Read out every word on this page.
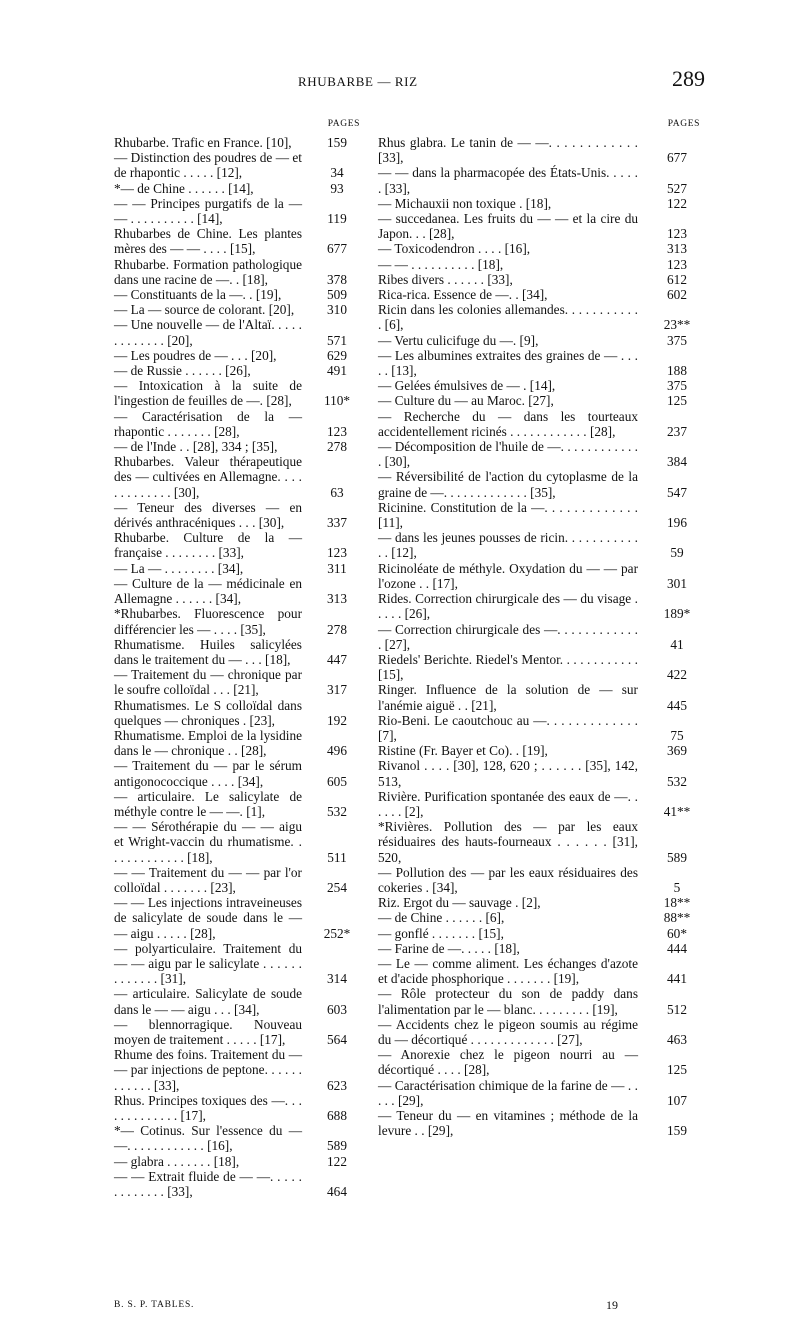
RHUBARBE — RIZ	289
PAGES
Rhubarbe. Trafic en France. [10],	159
— Distinction des poudres de — et de rhapontic . . . . . [12],	34
*— de Chine . . . . . . [14],	93
— — Principes purgatifs de la — — . . . . . . . . . . [14],	119
Rhubarbes de Chine. Les plantes mères des — — . . . . [15],	677
Rhubarbe. Formation pathologique dans une racine de —. . [18],	378
— Constituants de la —. . [19],	509
— La — source de colorant. [20],	310
— Une nouvelle — de l'Altaï. . . . . . . . . . . . . [20],	571
— Les poudres de — . . . [20],	629
— de Russie . . . . . . [26],	491
— Intoxication à la suite de l'ingestion de feuilles de —. [28],	110*
— Caractérisation de la — rhapontic . . . . . . . [28],	123
— de l'Inde . . [28], 334 ; [35],	278
Rhubarbes. Valeur thérapeutique des — cultivées en Allemagne. . . . . . . . . . . . . [30],	63
— Teneur des diverses — en dérivés anthracéniques . . . [30],	337
Rhubarbe. Culture de la — française . . . . . . . . [33],	123
— La — . . . . . . . . [34],	311
— Culture de la — médicinale en Allemagne . . . . . . [34],	313
*Rhubarbes. Fluorescence pour différencier les — . . . . [35],	278
Rhumatisme. Huiles salicylées dans le traitement du — . . . [18],	447
— Traitement du — chronique par le soufre colloïdal . . . [21],	317
Rhumatismes. Le S colloïdal dans quelques — chroniques . [23],	192
Rhumatisme. Emploi de la lysidine dans le — chronique . . [28],	496
— Traitement du — par le sérum antigonococcique . . . . [34],	605
— articulaire. Le salicylate de méthyle contre le — —. [1],	532
— — Sérothérapie du — — aigu et Wright-vaccin du rhumatisme. . . . . . . . . . . . . [18],	511
— — Traitement du — — par l'or colloïdal . . . . . . . [23],	254
— — Les injections intraveineuses de salicylate de soude dans le — — aigu . . . . . [28],	252*
— polyarticulaire. Traitement du — — aigu par le salicylate . . . . . . . . . . . . . [31],	314
— articulaire. Salicylate de soude dans le — — aigu . . . [34],	603
— blennorragique. Nouveau moyen de traitement . . . . . [17],	564
Rhume des foins. Traitement du — — par injections de peptone. . . . . . . . . . . . [33],	623
Rhus. Principes toxiques des —. . . . . . . . . . . . . [17],	688
*— Cotinus. Sur l'essence du — —. . . . . . . . . . . . [16],	589
— glabra . . . . . . . [18],	122
— — Extrait fluide de — —. . . . . . . . . . . . . [33],	464
PAGES
Rhus glabra. Le tanin de — —. . . . . . . . . . . . [33],	677
— — dans la pharmacopée des États-Unis. . . . . . [33],	527
— Michauxii non toxique . [18],	122
— succedanea. Les fruits du — — et la cire du Japon. . . [28],	123
— Toxicodendron . . . . [16],	313
— — . . . . . . . . . . [18],	123
Ribes divers . . . . . . [33],	612
Rica-rica. Essence de —. . [34],	602
Ricin dans les colonies allemandes. . . . . . . . . . . . [6],	23**
— Vertu culicifuge du —. [9],	375
— Les albumines extraites des graines de — . . . . . [13],	188
— Gelées émulsives de — . [14],	375
— Culture du — au Maroc. [27],	125
— Recherche du — dans les tourteaux accidentellement ricinés . . . . . . . . . . . . [28],	237
— Décomposition de l'huile de —. . . . . . . . . . . . . [30],	384
— Réversibilité de l'action du cytoplasme de la graine de —. . . . . . . . . . . . . [35],	547
Ricinine. Constitution de la —. . . . . . . . . . . . . [11],	196
— dans les jeunes pousses de ricin. . . . . . . . . . . . . [12],	59
Ricinoléate de méthyle. Oxydation du — — par l'ozone . . [17],	301
Rides. Correction chirurgicale des — du visage . . . . . [26],	189*
— Correction chirurgicale des —. . . . . . . . . . . . . [27],	41
Riedels' Berichte. Riedel's Mentor. . . . . . . . . . . . [15],	422
Ringer. Influence de la solution de — sur l'anémie aiguë . . [21],	445
Rio-Beni. Le caoutchouc au —. . . . . . . . . . . . . [7],	75
Ristine (Fr. Bayer et Co). . [19],	369
Rivanol . . . . [30], 128, 620 ; . . . . . . [35], 142, 513,	532
Rivière. Purification spontanée des eaux de —. . . . . . [2],	41**
*Rivières. Pollution des — par les eaux résiduaires des hauts-fourneaux . . . . . . [31], 520,	589
— Pollution des — par les eaux résiduaires des cokeries . [34],	5
Riz. Ergot du — sauvage . [2],	18**
— de Chine . . . . . . [6],	88**
— gonflé . . . . . . . [15],	60*
— Farine de —. . . . . [18],	444
— Le — comme aliment. Les échanges d'azote et d'acide phosphorique . . . . . . . [19],	441
— Rôle protecteur du son de paddy dans l'alimentation par le — blanc. . . . . . . . . [19],	512
— Accidents chez le pigeon soumis au régime du — décortiqué . . . . . . . . . . . . . [27],	463
— Anorexie chez le pigeon nourri au — décortiqué . . . . [28],	125
— Caractérisation chimique de la farine de — . . . . . [29],	107
— Teneur du — en vitamines ; méthode de la levure . . [29],	159
B. S. P. TABLES.	19
